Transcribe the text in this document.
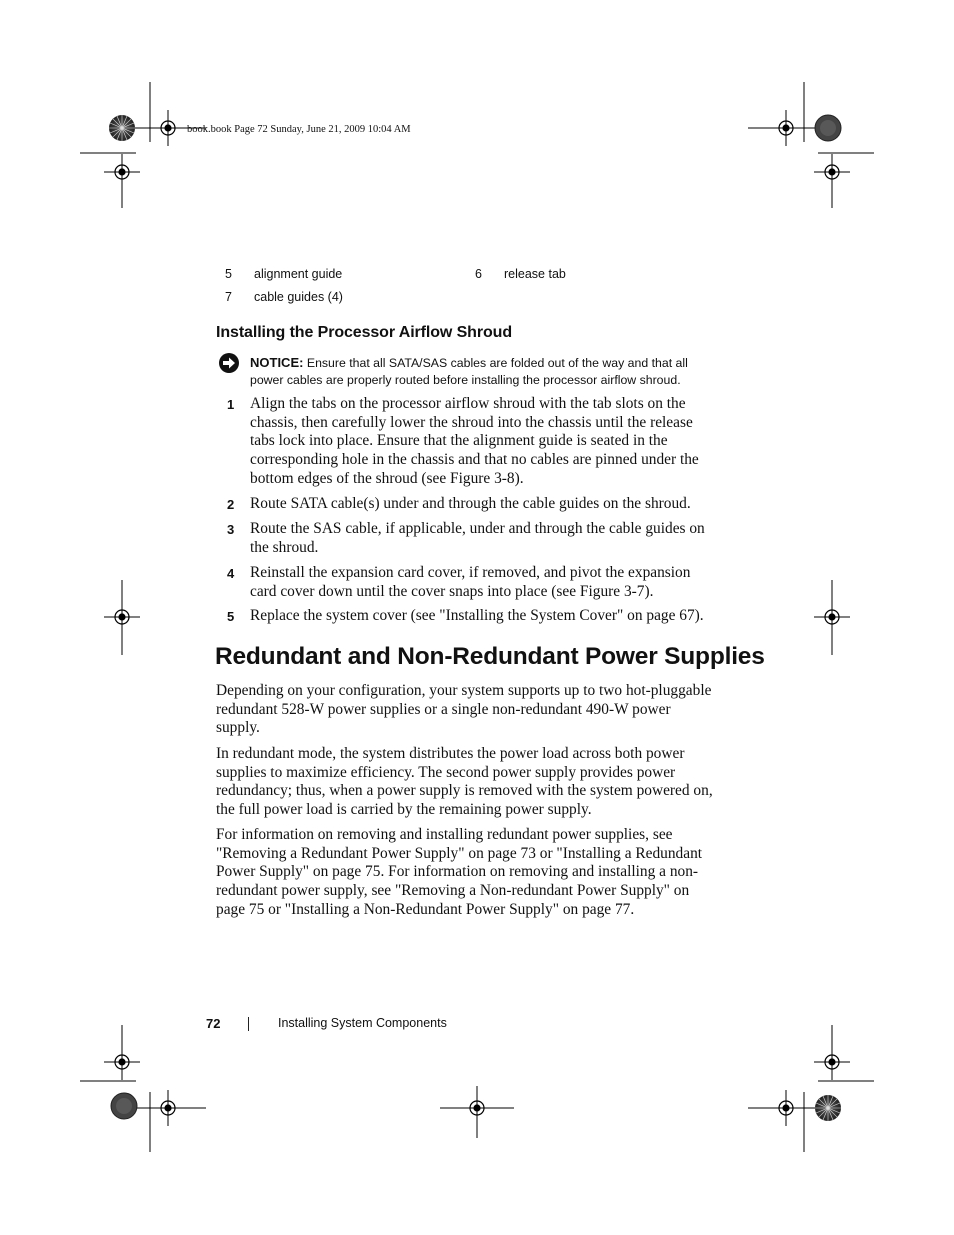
book.book Page 72 Sunday, June 21, 2009 10:04 AM
5 alignment guide	6 release tab
7 cable guides (4)
Installing the Processor Airflow Shroud
NOTICE: Ensure that all SATA/SAS cables are folded out of the way and that all power cables are properly routed before installing the processor airflow shroud.
1 Align the tabs on the processor airflow shroud with the tab slots on the chassis, then carefully lower the shroud into the chassis until the release tabs lock into place. Ensure that the alignment guide is seated in the corresponding hole in the chassis and that no cables are pinned under the bottom edges of the shroud (see Figure 3-8).
2 Route SATA cable(s) under and through the cable guides on the shroud.
3 Route the SAS cable, if applicable, under and through the cable guides on the shroud.
4 Reinstall the expansion card cover, if removed, and pivot the expansion card cover down until the cover snaps into place (see Figure 3-7).
5 Replace the system cover (see "Installing the System Cover" on page 67).
Redundant and Non-Redundant Power Supplies
Depending on your configuration, your system supports up to two hot-pluggable redundant 528-W power supplies or a single non-redundant 490-W power supply.
In redundant mode, the system distributes the power load across both power supplies to maximize efficiency. The second power supply provides power redundancy; thus, when a power supply is removed with the system powered on, the full power load is carried by the remaining power supply.
For information on removing and installing redundant power supplies, see "Removing a Redundant Power Supply" on page 73 or "Installing a Redundant Power Supply" on page 75. For information on removing and installing a non-redundant power supply, see "Removing a Non-redundant Power Supply" on page 75 or "Installing a Non-Redundant Power Supply" on page 77.
72	Installing System Components
